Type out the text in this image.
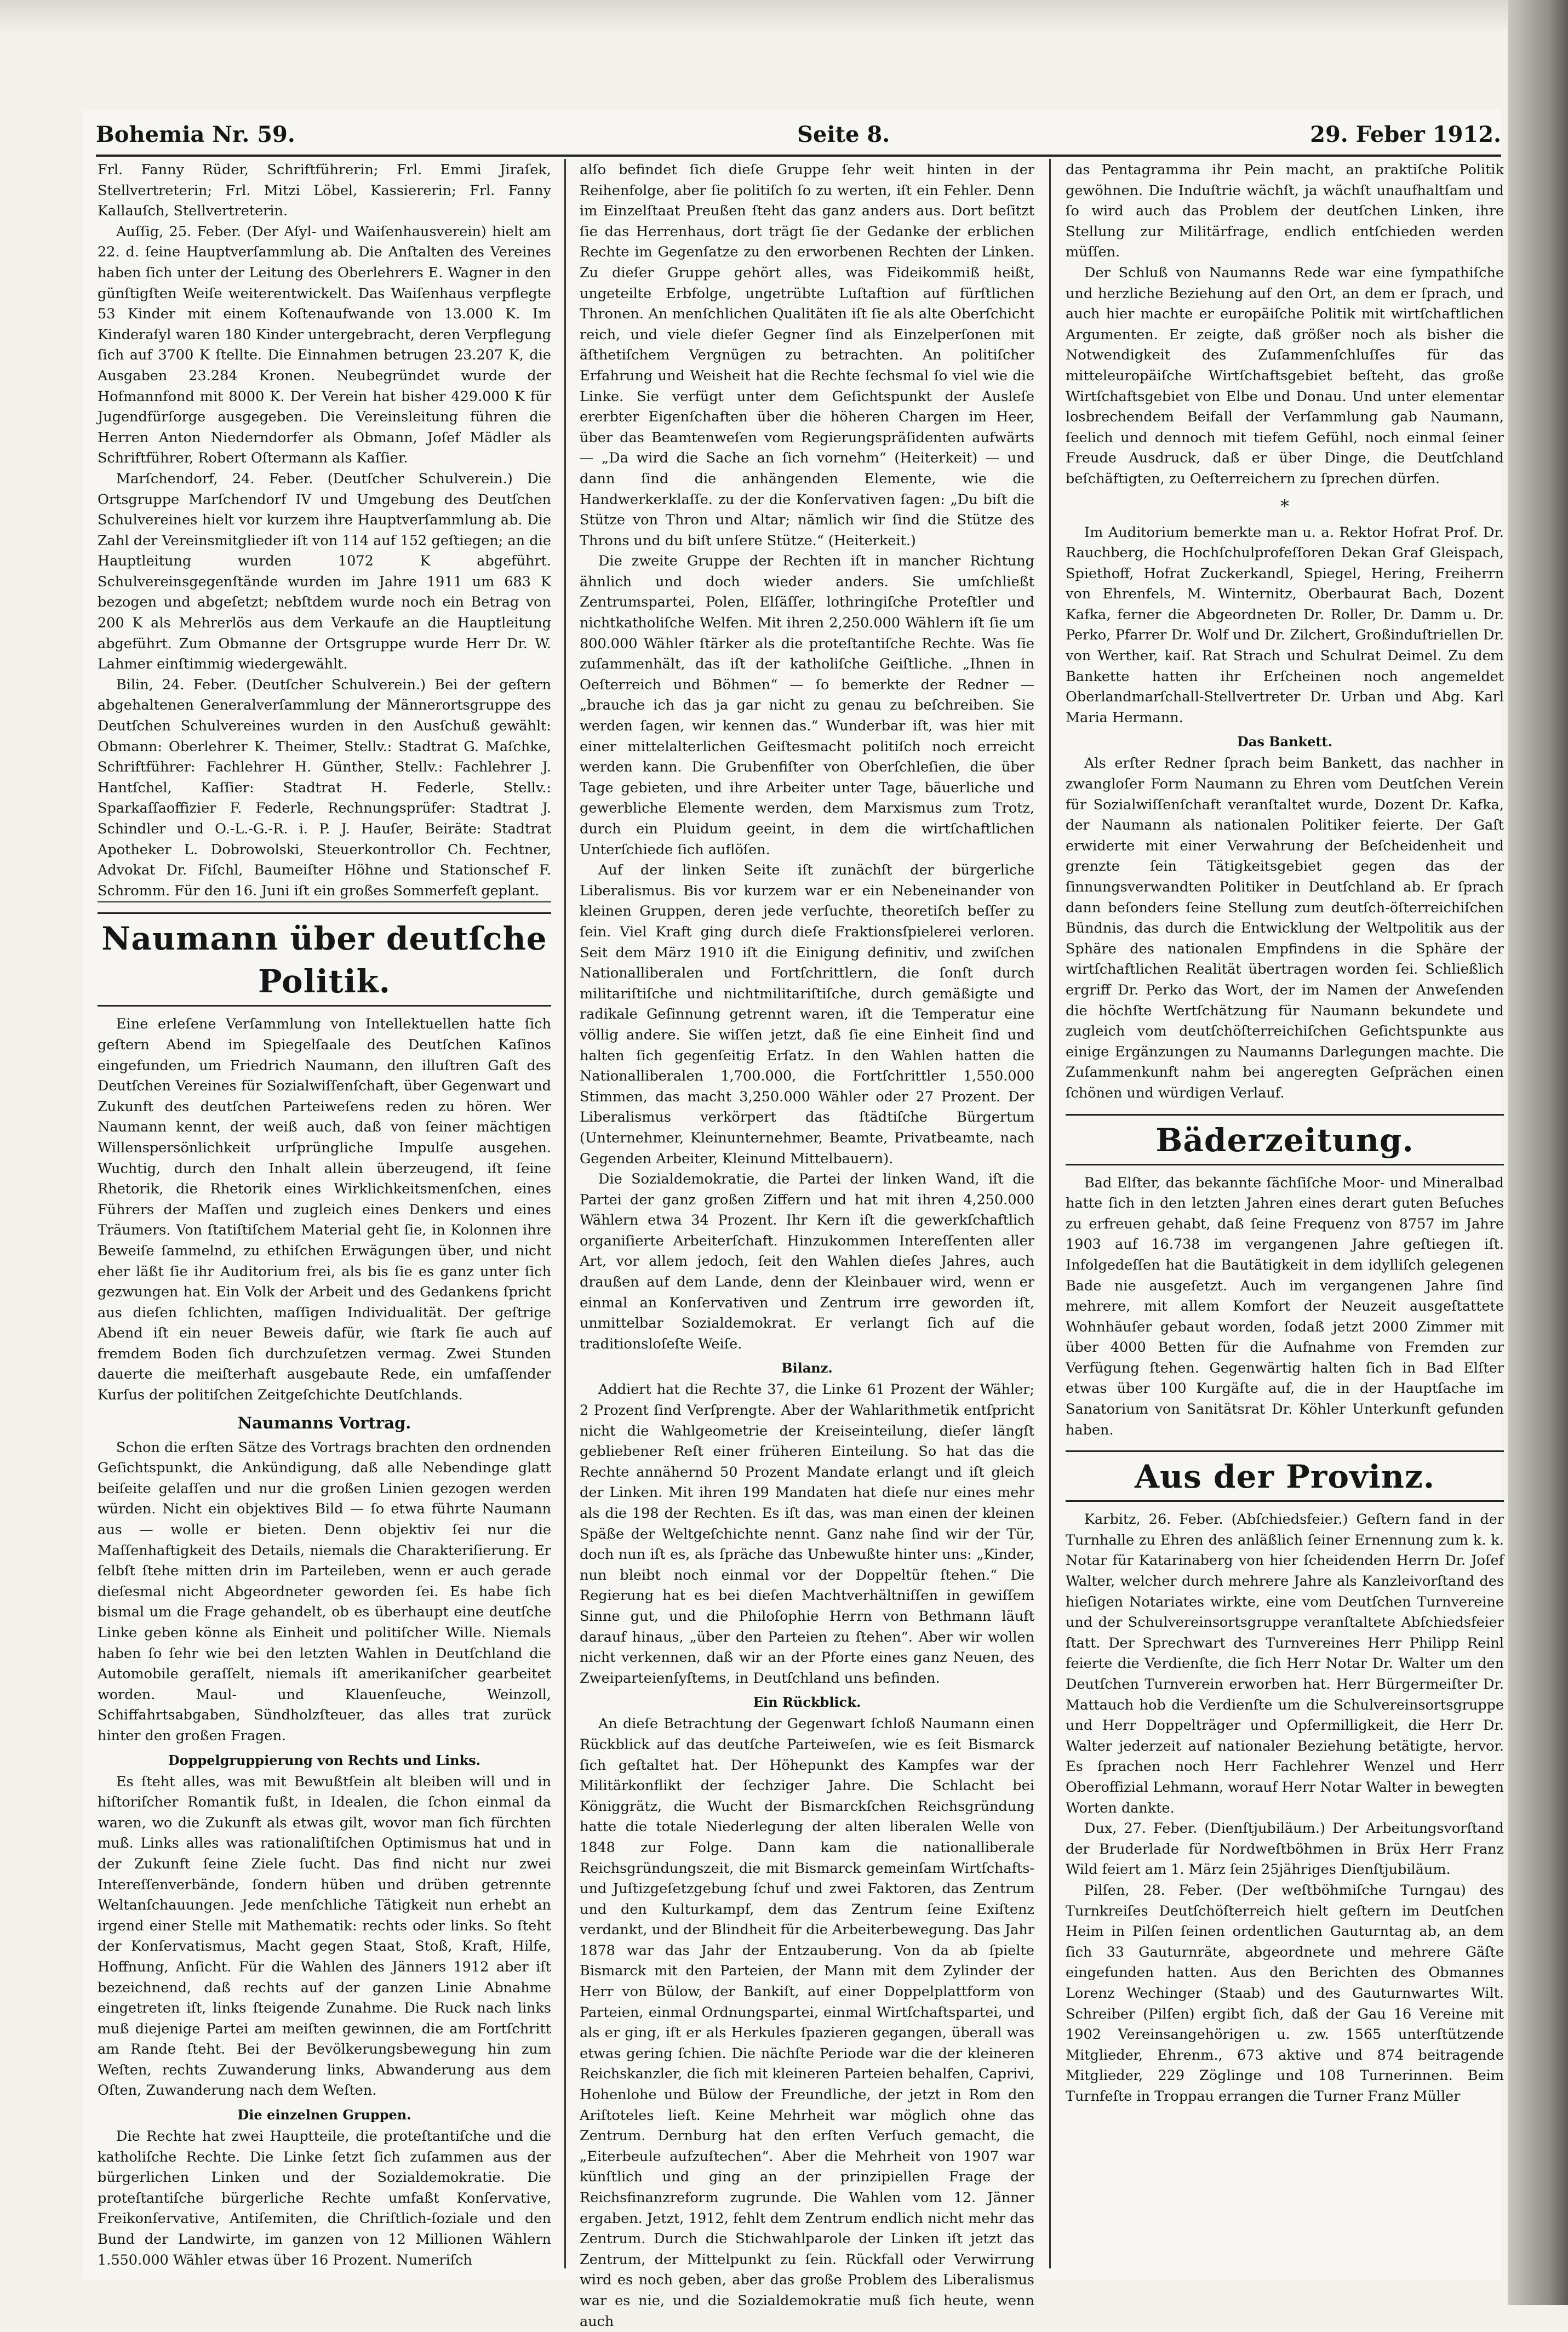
Bohemia Nr. 59.	Seite 8.	29. Feber 1912.

Frl. Fanny Rüder, Schriftführerin; Frl. Emmi Jiraſek, Stellvertreterin; Frl. Mitzi Löbel, Kassiererin; Frl. Fanny Kallauſch, Stellvertreterin.

Auſſig, 25. Feber. (Der Aſyl- und Waiſenhausverein) hielt am 22. d. ſeine Hauptverſammlung ab. Die Anſtalten des Vereines haben ſich unter der Leitung des Oberlehrers E. Wagner in den günſtigſten Weiſe weiterentwickelt. Das Waiſenhaus verpflegte 53 Kinder mit einem Koſtenaufwande von 13.000 K. Im Kinderaſyl waren 180 Kinder untergebracht, deren Verpflegung ſich auf 3700 K ſtellte. Die Einnahmen betrugen 23.207 K, die Ausgaben 23.284 Kronen. Neubegründet wurde der Hofmannfond mit 8000 K. Der Verein hat bisher 429.000 K für Jugendfürſorge ausgegeben. Die Vereinsleitung führen die Herren Anton Niederndorfer als Obmann, Joſef Mädler als Schriftführer, Robert Oſtermann als Kaſſier.

Marſchendorf, 24. Feber. (Deutſcher Schulverein.) Die Ortsgruppe Marſchendorf IV und Umgebung des Deutſchen Schulvereines hielt vor kurzem ihre Hauptverſammlung ab. Die Zahl der Vereinsmitglieder iſt von 114 auf 152 geſtiegen; an die Hauptleitung wurden 1072 K abgeführt. Schulvereinsgegenſtände wurden im Jahre 1911 um 683 K bezogen und abgeſetzt; nebſtdem wurde noch ein Betrag von 200 K als Mehrerlös aus dem Verkaufe an die Hauptleitung abgeführt. Zum Obmanne der Ortsgruppe wurde Herr Dr. W. Lahmer einſtimmig wiedergewählt.

Bilin, 24. Feber. (Deutſcher Schulverein.) Bei der geſtern abgehaltenen Generalverſammlung der Männerortsgruppe des Deutſchen Schulvereines wurden in den Ausſchuß gewählt: Obmann: Oberlehrer K. Theimer, Stellv.: Stadtrat G. Maſchke, Schriftführer: Fachlehrer H. Günther, Stellv.: Fachlehrer J. Hantſchel, Kaſſier: Stadtrat H. Federle, Stellv.: Sparkaſſaoffizier F. Federle, Rechnungsprüfer: Stadtrat J. Schindler und O.-L.-G.-R. i. P. J. Hauſer, Beiräte: Stadtrat Apotheker L. Dobrowolski, Steuerkontrollor Ch. Fechtner, Advokat Dr. Fiſchl, Baumeiſter Höhne und Stationschef F. Schromm. Für den 16. Juni iſt ein großes Sommerfeſt geplant.

Naumann über deutſche Politik.

Eine erleſene Verſammlung von Intellektuellen hatte ſich geſtern Abend im Spiegelſaale des Deutſchen Kaſinos eingefunden, um Friedrich Naumann, den illuſtren Gaſt des Deutſchen Vereines für Sozialwiſſenſchaft, über Gegenwart und Zukunft des deutſchen Parteiweſens reden zu hören. Wer Naumann kennt, der weiß auch, daß von ſeiner mächtigen Willenspersönlichkeit urſprüngliche Impulſe ausgehen. Wuchtig, durch den Inhalt allein überzeugend, iſt ſeine Rhetorik, die Rhetorik eines Wirklichkeitsmenſchen, eines Führers der Maſſen und zugleich eines Denkers und eines Träumers. Von ſtatiſtiſchem Material geht ſie, in Kolonnen ihre Beweiſe ſammelnd, zu ethiſchen Erwägungen über, und nicht eher läßt ſie ihr Auditorium frei, als bis ſie es ganz unter ſich gezwungen hat. Ein Volk der Arbeit und des Gedankens ſpricht aus dieſen ſchlichten, maſſigen Individualität. Der geſtrige Abend iſt ein neuer Beweis dafür, wie ſtark ſie auch auf fremdem Boden ſich durchzuſetzen vermag. Zwei Stunden dauerte die meiſterhaft ausgebaute Rede, ein umfaſſender Kurſus der politiſchen Zeitgeſchichte Deutſchlands.

Naumanns Vortrag.

Schon die erſten Sätze des Vortrags brachten den ordnenden Geſichtspunkt, die Ankündigung, daß alle Nebendinge glatt beiſeite gelaſſen und nur die großen Linien gezogen werden würden. Nicht ein objektives Bild — ſo etwa führte Naumann aus — wolle er bieten. Denn objektiv ſei nur die Maſſenhaftigkeit des Details, niemals die Charakteriſierung. Er ſelbſt ſtehe mitten drin im Parteileben, wenn er auch gerade dieſesmal nicht Abgeordneter geworden ſei. Es habe ſich bismal um die Frage gehandelt, ob es überhaupt eine deutſche Linke geben könne als Einheit und politiſcher Wille. Niemals haben ſo ſehr wie bei den letzten Wahlen in Deutſchland die Automobile geraſſelt, niemals iſt amerikaniſcher gearbeitet worden. Maul- und Klauenſeuche, Weinzoll, Schiffahrtsabgaben, Sündholzſteuer, das alles trat zurück hinter den großen Fragen.

Doppelgruppierung von Rechts und Links.

Es ſteht alles, was mit Bewußtſein alt bleiben will und in hiſtoriſcher Romantik fußt, in Idealen, die ſchon einmal da waren, wo die Zukunft als etwas gilt, wovor man ſich fürchten muß. Links alles was rationaliſtiſchen Optimismus hat und in der Zukunft ſeine Ziele ſucht. Das find nicht nur zwei Intereſſenverbände, ſondern hüben und drüben getrennte Weltanſchauungen. Jede menſchliche Tätigkeit nun erhebt an irgend einer Stelle mit Mathematik: rechts oder links. So ſteht der Konſervatismus, Macht gegen Staat, Stoß, Kraft, Hilfe, Hoffnung, Anſicht. Für die Wahlen des Jänners 1912 aber iſt bezeichnend, daß rechts auf der ganzen Linie Abnahme eingetreten iſt, links ſteigende Zunahme. Die Ruck nach links muß diejenige Partei am meiſten gewinnen, die am Fortſchritt am Rande ſteht. Bei der Bevölkerungsbewegung hin zum Weſten, rechts Zuwanderung links, Abwanderung aus dem Oſten, Zuwanderung nach dem Weſten.

Die einzelnen Gruppen.

Die Rechte hat zwei Hauptteile, die proteſtantiſche und die katholiſche Rechte. Die Linke ſetzt ſich zuſammen aus der bürgerlichen Linken und der Sozialdemokratie. Die proteſtantiſche bürgerliche Rechte umfaßt Konſervative, Freikonſervative, Antiſemiten, die Chriſtlich-ſoziale und den Bund der Landwirte, im ganzen von 12 Millionen Wählern 1.550.000 Wähler etwas über 16 Prozent. Numeriſch

alſo befindet ſich dieſe Gruppe ſehr weit hinten in der Reihenfolge, aber ſie politiſch ſo zu werten, iſt ein Fehler. Denn im Einzelſtaat Preußen ſteht das ganz anders aus. Dort beſitzt ſie das Herrenhaus, dort trägt ſie der Gedanke der erblichen Rechte im Gegenſatze zu den erworbenen Rechten der Linken. Zu dieſer Gruppe gehört alles, was Fideikommiß heißt, ungeteilte Erbfolge, ungetrübte Luſtaftion auf fürſtlichen Thronen. An menſchlichen Qualitäten iſt ſie als alte Oberſchicht reich, und viele dieſer Gegner ſind als Einzelperſonen mit äſthetiſchem Vergnügen zu betrachten. An politiſcher Erfahrung und Weisheit hat die Rechte ſechsmal ſo viel wie die Linke. Sie verfügt unter dem Geſichtspunkt der Ausleſe ererbter Eigenſchaften über die höheren Chargen im Heer, über das Beamtenweſen vom Regierungspräſidenten aufwärts — „Da wird die Sache an ſich vornehm“ (Heiterkeit) — und dann ſind die anhängenden Elemente, wie die Handwerkerklaſſe. zu der die Konſervativen ſagen: „Du biſt die Stütze von Thron und Altar; nämlich wir ſind die Stütze des Throns und du biſt unſere Stütze.“ (Heiterkeit.)

Die zweite Gruppe der Rechten iſt in mancher Richtung ähnlich und doch wieder anders. Sie umſchließt Zentrumspartei, Polen, Elſäſſer, lothringiſche Proteſtler und nichtkatholiſche Welfen. Mit ihren 2,250.000 Wählern iſt ſie um 800.000 Wähler ſtärker als die proteſtantiſche Rechte. Was ſie zuſammenhält, das iſt der katholiſche Geiſtliche. „Ihnen in Oeſterreich und Böhmen“ — ſo bemerkte der Redner — „brauche ich das ja gar nicht zu genau zu beſchreiben. Sie werden ſagen, wir kennen das.“ Wunderbar iſt, was hier mit einer mittelalterlichen Geiſtesmacht politiſch noch erreicht werden kann. Die Grubenfiſter von Oberſchleſien, die über Tage gebieten, und ihre Arbeiter unter Tage, bäuerliche und gewerbliche Elemente werden, dem Marxismus zum Trotz, durch ein Pluidum geeint, in dem die wirtſchaftlichen Unterſchiede ſich auflöſen.

Auf der linken Seite iſt zunächſt der bürgerliche Liberalismus. Bis vor kurzem war er ein Nebeneinander von kleinen Gruppen, deren jede verſuchte, theoretiſch beſſer zu ſein. Viel Kraft ging durch dieſe Fraktionsſpielerei verloren. Seit dem März 1910 iſt die Einigung definitiv, und zwiſchen Nationalliberalen und Fortſchrittlern, die ſonſt durch militariſtiſche und nichtmilitariſtiſche, durch gemäßigte und radikale Geſinnung getrennt waren, iſt die Temperatur eine völlig andere. Sie wiſſen jetzt, daß ſie eine Einheit ſind und halten ſich gegenſeitig Erſatz. In den Wahlen hatten die Nationalliberalen 1,700.000, die Fortſchrittler 1,550.000 Stimmen, das macht 3,250.000 Wähler oder 27 Prozent. Der Liberalismus verkörpert das ſtädtiſche Bürgertum (Unternehmer, Kleinunternehmer, Beamte, Privatbeamte, nach Gegenden Arbeiter, Kleinund Mittelbauern).

Die Sozialdemokratie, die Partei der linken Wand, iſt die Partei der ganz großen Ziffern und hat mit ihren 4,250.000 Wählern etwa 34 Prozent. Ihr Kern iſt die gewerkſchaftlich organiſierte Arbeiterſchaft. Hinzukommen Intereſſenten aller Art, vor allem jedoch, ſeit den Wahlen dieſes Jahres, auch draußen auf dem Lande, denn der Kleinbauer wird, wenn er einmal an Konſervativen und Zentrum irre geworden iſt, unmittelbar Sozialdemokrat. Er verlangt ſich auf die traditionsloſeſte Weiſe.

Bilanz.

Addiert hat die Rechte 37, die Linke 61 Prozent der Wähler; 2 Prozent ſind Verſprengte. Aber der Wahlarithmetik entſpricht nicht die Wahlgeometrie der Kreiseinteilung, dieſer längſt gebliebener Reſt einer früheren Einteilung. So hat das die Rechte annähernd 50 Prozent Mandate erlangt und iſt gleich der Linken. Mit ihren 199 Mandaten hat dieſe nur eines mehr als die 198 der Rechten. Es iſt das, was man einen der kleinen Späße der Weltgeſchichte nennt. Ganz nahe ſind wir der Tür, doch nun iſt es, als ſpräche das Unbewußte hinter uns: „Kinder, nun bleibt noch einmal vor der Doppeltür ſtehen.“ Die Regierung hat es bei dieſen Machtverhältniſſen in gewiſſem Sinne gut, und die Philoſophie Herrn von Bethmann läuft darauf hinaus, „über den Parteien zu ſtehen“. Aber wir wollen nicht verkennen, daß wir an der Pforte eines ganz Neuen, des Zweiparteienſyſtems, in Deutſchland uns befinden.

Ein Rückblick.

An dieſe Betrachtung der Gegenwart ſchloß Naumann einen Rückblick auf das deutſche Parteiweſen, wie es ſeit Bismarck ſich geſtaltet hat. Der Höhepunkt des Kampfes war der Militärkonflikt der ſechziger Jahre. Die Schlacht bei Königgrätz, die Wucht der Bismarckſchen Reichsgründung hatte die totale Niederlegung der alten liberalen Welle von 1848 zur Folge. Dann kam die nationalliberale Reichsgründungszeit, die mit Bismarck gemeinſam Wirtſchafts- und Juſtizgeſetzgebung ſchuf und zwei Faktoren, das Zentrum und den Kulturkampf, dem das Zentrum ſeine Exiſtenz verdankt, und der Blindheit für die Arbeiterbewegung. Das Jahr 1878 war das Jahr der Entzauberung. Von da ab ſpielte Bismarck mit den Parteien, der Mann mit dem Zylinder der Herr von Bülow, der Bankiſt, auf einer Doppelplattform von Parteien, einmal Ordnungspartei, einmal Wirtſchaftspartei, und als er ging, iſt er als Herkules ſpazieren gegangen, überall was etwas gering ſchien. Die nächſte Periode war die der kleineren Reichskanzler, die ſich mit kleineren Parteien behalfen, Caprivi, Hohenlohe und Bülow der Freundliche, der jetzt in Rom den Ariſtoteles lieſt. Keine Mehrheit war möglich ohne das Zentrum. Dernburg hat den erſten Verſuch gemacht, die „Eiterbeule aufzuſtechen“. Aber die Mehrheit von 1907 war künſtlich und ging an der prinzipiellen Frage der Reichsfinanzreform zugrunde. Die Wahlen vom 12. Jänner ergaben. Jetzt, 1912, fehlt dem Zentrum endlich nicht mehr das Zentrum. Durch die Stichwahlparole der Linken iſt jetzt das Zentrum, der Mittelpunkt zu ſein. Rückfall oder Verwirrung wird es noch geben, aber das große Problem des Liberalismus war es nie, und die Sozialdemokratie muß ſich heute, wenn auch

das Pentagramma ihr Pein macht, an praktiſche Politik gewöhnen. Die Induſtrie wächſt, ja wächſt unaufhaltſam und ſo wird auch das Problem der deutſchen Linken, ihre Stellung zur Militärfrage, endlich entſchieden werden müſſen.

Der Schluß von Naumanns Rede war eine ſympathiſche und herzliche Beziehung auf den Ort, an dem er ſprach, und auch hier machte er europäiſche Politik mit wirtſchaftlichen Argumenten. Er zeigte, daß größer noch als bisher die Notwendigkeit des Zuſammenſchluſſes für das mitteleuropäiſche Wirtſchaftsgebiet beſteht, das große Wirtſchaftsgebiet von Elbe und Donau. Und unter elementar losbrechendem Beifall der Verſammlung gab Naumann, ſeelich und dennoch mit tiefem Gefühl, noch einmal ſeiner Freude Ausdruck, daß er über Dinge, die Deutſchland beſchäftigten, zu Oeſterreichern zu ſprechen dürfen.

*

Im Auditorium bemerkte man u. a. Rektor Hofrat Prof. Dr. Rauchberg, die Hochſchulprofeſſoren Dekan Graf Gleispach, Spiethoff, Hofrat Zuckerkandl, Spiegel, Hering, Freiherrn von Ehrenfels, M. Winternitz, Oberbaurat Bach, Dozent Kafka, ferner die Abgeordneten Dr. Roller, Dr. Damm u. Dr. Perko, Pfarrer Dr. Wolf und Dr. Zilchert, Großinduſtriellen Dr. von Werther, kaiſ. Rat Strach und Schulrat Deimel. Zu dem Bankette hatten ihr Erſcheinen noch angemeldet Oberlandmarſchall-Stellvertreter Dr. Urban und Abg. Karl Maria Hermann.

Das Bankett.

Als erſter Redner ſprach beim Bankett, das nachher in zwangloſer Form Naumann zu Ehren vom Deutſchen Verein für Sozialwiſſenſchaft veranſtaltet wurde, Dozent Dr. Kafka, der Naumann als nationalen Politiker feierte. Der Gaſt erwiderte mit einer Verwahrung der Beſcheidenheit und grenzte ſein Tätigkeitsgebiet gegen das der ſinnungsverwandten Politiker in Deutſchland ab. Er ſprach dann beſonders ſeine Stellung zum deutſch-öſterreichiſchen Bündnis, das durch die Entwicklung der Weltpolitik aus der Sphäre des nationalen Empfindens in die Sphäre der wirtſchaftlichen Realität übertragen worden ſei. Schließlich ergriff Dr. Perko das Wort, der im Namen der Anweſenden die höchſte Wertſchätzung für Naumann bekundete und zugleich vom deutſchöſterreichiſchen Geſichtspunkte aus einige Ergänzungen zu Naumanns Darlegungen machte. Die Zuſammenkunft nahm bei angeregten Geſprächen einen ſchönen und würdigen Verlauf.

Bäderzeitung.

Bad Elſter, das bekannte ſächſiſche Moor- und Mineralbad hatte ſich in den letzten Jahren eines derart guten Beſuches zu erfreuen gehabt, daß ſeine Frequenz von 8757 im Jahre 1903 auf 16.738 im vergangenen Jahre geſtiegen iſt. Infolgedeſſen hat die Bautätigkeit in dem idylliſch gelegenen Bade nie ausgeſetzt. Auch im vergangenen Jahre ſind mehrere, mit allem Komfort der Neuzeit ausgeſtattete Wohnhäuſer gebaut worden, ſodaß jetzt 2000 Zimmer mit über 4000 Betten für die Aufnahme von Fremden zur Verfügung ſtehen. Gegenwärtig halten ſich in Bad Elſter etwas über 100 Kurgäſte auf, die in der Hauptſache im Sanatorium von Sanitätsrat Dr. Köhler Unterkunft gefunden haben.

Aus der Provinz.

Karbitz, 26. Feber. (Abſchiedsfeier.) Geſtern fand in der Turnhalle zu Ehren des anläßlich ſeiner Ernennung zum k. k. Notar für Katarinaberg von hier ſcheidenden Herrn Dr. Joſef Walter, welcher durch mehrere Jahre als Kanzleivorſtand des hieſigen Notariates wirkte, eine vom Deutſchen Turnvereine und der Schulvereinsortsgruppe veranſtaltete Abſchiedsfeier ſtatt. Der Sprechwart des Turnvereines Herr Philipp Reinl feierte die Verdienſte, die ſich Herr Notar Dr. Walter um den Deutſchen Turnverein erworben hat. Herr Bürgermeiſter Dr. Mattauch hob die Verdienſte um die Schulvereinsortsgruppe und Herr Doppelträger und Opfermilligkeit, die Herr Dr. Walter jederzeit auf nationaler Beziehung betätigte, hervor. Es ſprachen noch Herr Fachlehrer Wenzel und Herr Oberoffizial Lehmann, worauf Herr Notar Walter in bewegten Worten dankte.

Dux, 27. Feber. (Dienſtjubiläum.) Der Arbeitungsvorſtand der Bruderlade für Nordweſtböhmen in Brüx Herr Franz Wild feiert am 1. März ſein 25jähriges Dienſtjubiläum.

Pilſen, 28. Feber. (Der weſtböhmiſche Turngau) des Turnkreiſes Deutſchöſterreich hielt geſtern im Deutſchen Heim in Pilſen ſeinen ordentlichen Gauturntag ab, an dem ſich 33 Gauturnräte, abgeordnete und mehrere Gäſte eingefunden hatten. Aus den Berichten des Obmannes Lorenz Wechinger (Staab) und des Gauturnwartes Wilt. Schreiber (Pilſen) ergibt ſich, daß der Gau 16 Vereine mit 1902 Vereinsangehörigen u. zw. 1565 unterſtützende Mitglieder, Ehrenm., 673 aktive und 874 beitragende Mitglieder, 229 Zöglinge und 108 Turnerinnen. Beim Turnfeſte in Troppau errangen die Turner Franz Müller
